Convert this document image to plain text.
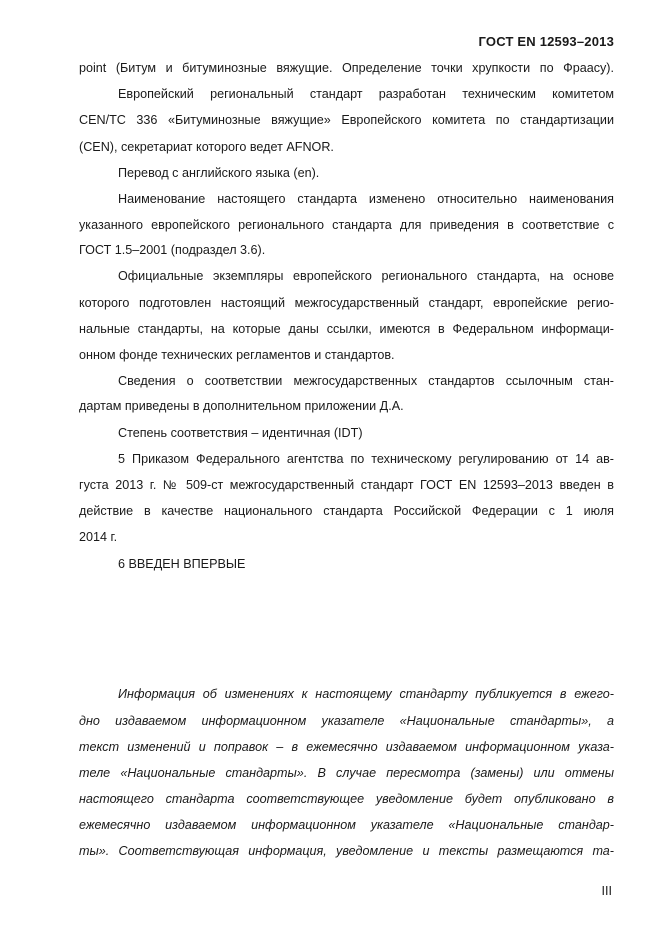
ГОСТ EN 12593–2013
point (Битум и битуминозные вяжущие. Определение точки хрупкости по Фраасу).
Европейский региональный стандарт разработан техническим комитетом
CEN/TC 336 «Битуминозные вяжущие» Европейского комитета по стандартизации
(CEN), секретариат которого ведет AFNOR.
Перевод с английского языка (en).
Наименование настоящего стандарта изменено относительно наименования
указанного европейского регионального стандарта для приведения в соответствие с
ГОСТ 1.5–2001 (подраздел 3.6).
Официальные экземпляры европейского регионального стандарта, на основе
которого подготовлен настоящий межгосударственный стандарт, европейские регио-
нальные стандарты, на которые даны ссылки, имеются в Федеральном информаци-
онном фонде технических регламентов и стандартов.
Сведения о соответствии межгосударственных стандартов ссылочным стан-
дартам приведены в дополнительном приложении Д.А.
Степень соответствия – идентичная (IDT)
5 Приказом Федерального агентства по техническому регулированию от 14 ав-
густа 2013 г. № 509-ст межгосударственный стандарт ГОСТ EN 12593–2013 введен в
действие в качестве национального стандарта Российской Федерации с 1 июля
2014 г.
6 ВВЕДЕН ВПЕРВЫЕ
Информация об изменениях к настоящему стандарту публикуется в ежего-
дно издаваемом информационном указателе «Национальные стандарты», а
текст изменений и поправок – в ежемесячно издаваемом информационном указа-
теле «Национальные стандарты». В случае пересмотра (замены) или отмены
настоящего стандарта соответствующее уведомление будет опубликовано в
ежемесячно издаваемом информационном указателе «Национальные стандар-
ты». Соответствующая информация, уведомление и тексты размещаются та-
III
